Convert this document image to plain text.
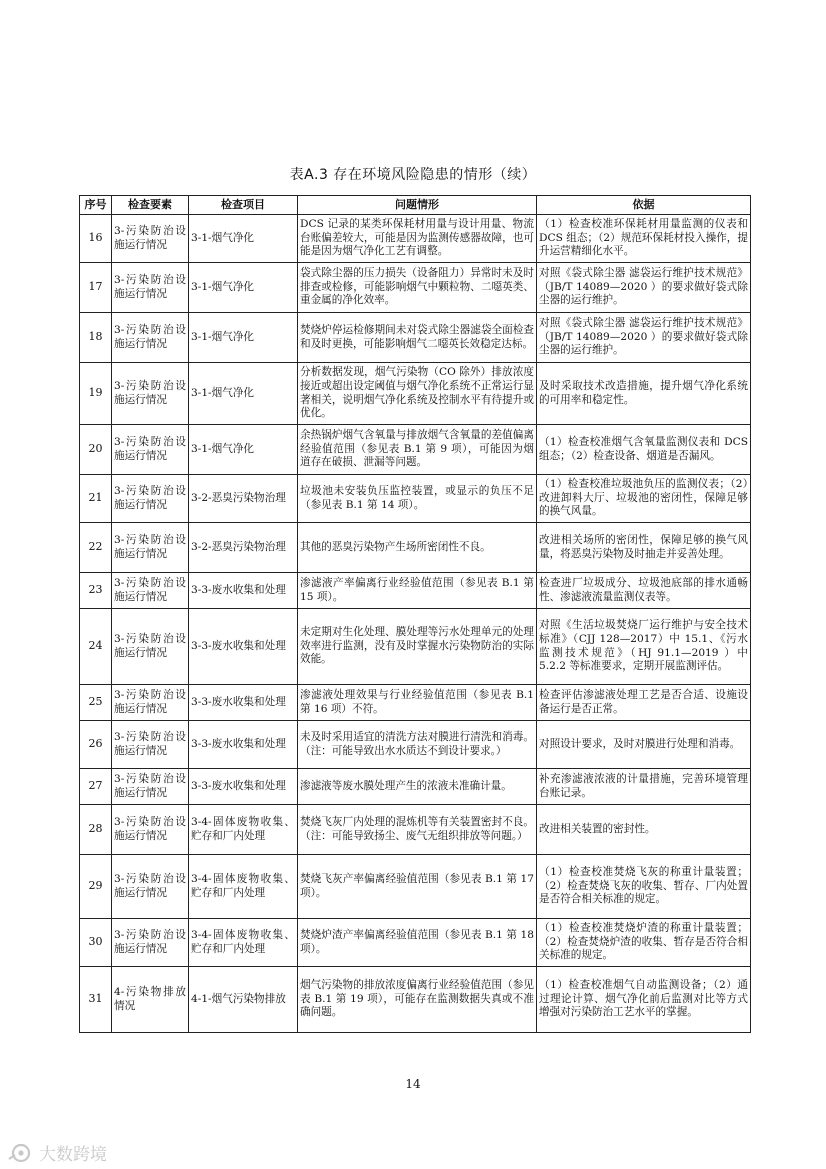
表A.3 存在环境风险隐患的情形（续）
序号	检查要素	检查项目	问题情形	依据
16	3-污染防治设施运行情况	3-1-烟气净化	DCS 记录的某类环保耗材用量与设计用量、物流台账偏差较大，可能是因为监测传感器故障，也可能是因为烟气净化工艺有调整。	（1）检查校准环保耗材用量监测的仪表和 DCS 组态；（2）规范环保耗材投入操作，提升运营精细化水平。
17	3-污染防治设施运行情况	3-1-烟气净化	袋式除尘器的压力损失（设备阻力）异常时未及时排查或检修，可能影响烟气中颗粒物、二噁英类、重金属的净化效率。	对照《袋式除尘器 滤袋运行维护技术规范》（JB/T 14089—2020 ）的要求做好袋式除尘器的运行维护。
18	3-污染防治设施运行情况	3-1-烟气净化	焚烧炉停运检修期间未对袋式除尘器滤袋全面检查和及时更换，可能影响烟气二噁英长效稳定达标。	对照《袋式除尘器 滤袋运行维护技术规范》（JB/T 14089—2020 ）的要求做好袋式除尘器的运行维护。
19	3-污染防治设施运行情况	3-1-烟气净化	分析数据发现，烟气污染物（CO 除外）排放浓度接近或超出设定阈值与烟气净化系统不正常运行显著相关，说明烟气净化系统及控制水平有待提升或优化。	及时采取技术改造措施，提升烟气净化系统的可用率和稳定性。
20	3-污染防治设施运行情况	3-1-烟气净化	余热锅炉烟气含氧量与排放烟气含氧量的差值偏离经验值范围（参见表 B.1 第 9 项），可能因为烟道存在破损、泄漏等问题。	（1）检查校准烟气含氧量监测仪表和 DCS 组态；（2）检查设备、烟道是否漏风。
21	3-污染防治设施运行情况	3-2-恶臭污染物治理	垃圾池未安装负压监控装置，或显示的负压不足（参见表 B.1 第 14 项）。	（1）检查校准垃圾池负压的监测仪表；（2）改进卸料大厅、垃圾池的密闭性，保障足够的换气风量。
22	3-污染防治设施运行情况	3-2-恶臭污染物治理	其他的恶臭污染物产生场所密闭性不良。	改进相关场所的密闭性，保障足够的换气风量，将恶臭污染物及时抽走并妥善处理。
23	3-污染防治设施运行情况	3-3-废水收集和处理	渗滤液产率偏离行业经验值范围（参见表 B.1 第 15 项）。	检查进厂垃圾成分、垃圾池底部的排水通畅性、渗滤液流量监测仪表等。
24	3-污染防治设施运行情况	3-3-废水收集和处理	未定期对生化处理、膜处理等污水处理单元的处理效率进行监测，没有及时掌握水污染物防治的实际效能。	对照《生活垃圾焚烧厂运行维护与安全技术标准》（CJJ 128—2017）中 15.1、《污水监测技术规范》（HJ 91.1—2019 ）中 5.2.2 等标准要求，定期开展监测评估。
25	3-污染防治设施运行情况	3-3-废水收集和处理	渗滤液处理效果与行业经验值范围（参见表 B.1 第 16 项）不符。	检查评估渗滤液处理工艺是否合适、设施设备运行是否正常。
26	3-污染防治设施运行情况	3-3-废水收集和处理	未及时采用适宜的清洗方法对膜进行清洗和消毒。（注：可能导致出水水质达不到设计要求。）	对照设计要求，及时对膜进行处理和消毒。
27	3-污染防治设施运行情况	3-3-废水收集和处理	渗滤液等废水膜处理产生的浓液未准确计量。	补充渗滤液浓液的计量措施，完善环境管理台账记录。
28	3-污染防治设施运行情况	3-4-固体废物收集、贮存和厂内处理	焚烧飞灰厂内处理的混炼机等有关装置密封不良。（注：可能导致扬尘、废气无组织排放等问题。）	改进相关装置的密封性。
29	3-污染防治设施运行情况	3-4-固体废物收集、贮存和厂内处理	焚烧飞灰产率偏离经验值范围（参见表 B.1 第 17 项）。	（1）检查校准焚烧飞灰的称重计量装置；（2）检查焚烧飞灰的收集、暂存、厂内处置是否符合相关标准的规定。
30	3-污染防治设施运行情况	3-4-固体废物收集、贮存和厂内处理	焚烧炉渣产率偏离经验值范围（参见表 B.1 第 18 项）。	（1）检查校准焚烧炉渣的称重计量装置；（2）检查焚烧炉渣的收集、暂存是否符合相关标准的规定。
31	4-污染物排放情况	4-1-烟气污染物排放	烟气污染物的排放浓度偏离行业经验值范围（参见表 B.1 第 19 项），可能存在监测数据失真或不准确问题。	（1）检查校准烟气自动监测设备；（2）通过理论计算、烟气净化前后监测对比等方式增强对污染防治工艺水平的掌握。
14
大数跨境
